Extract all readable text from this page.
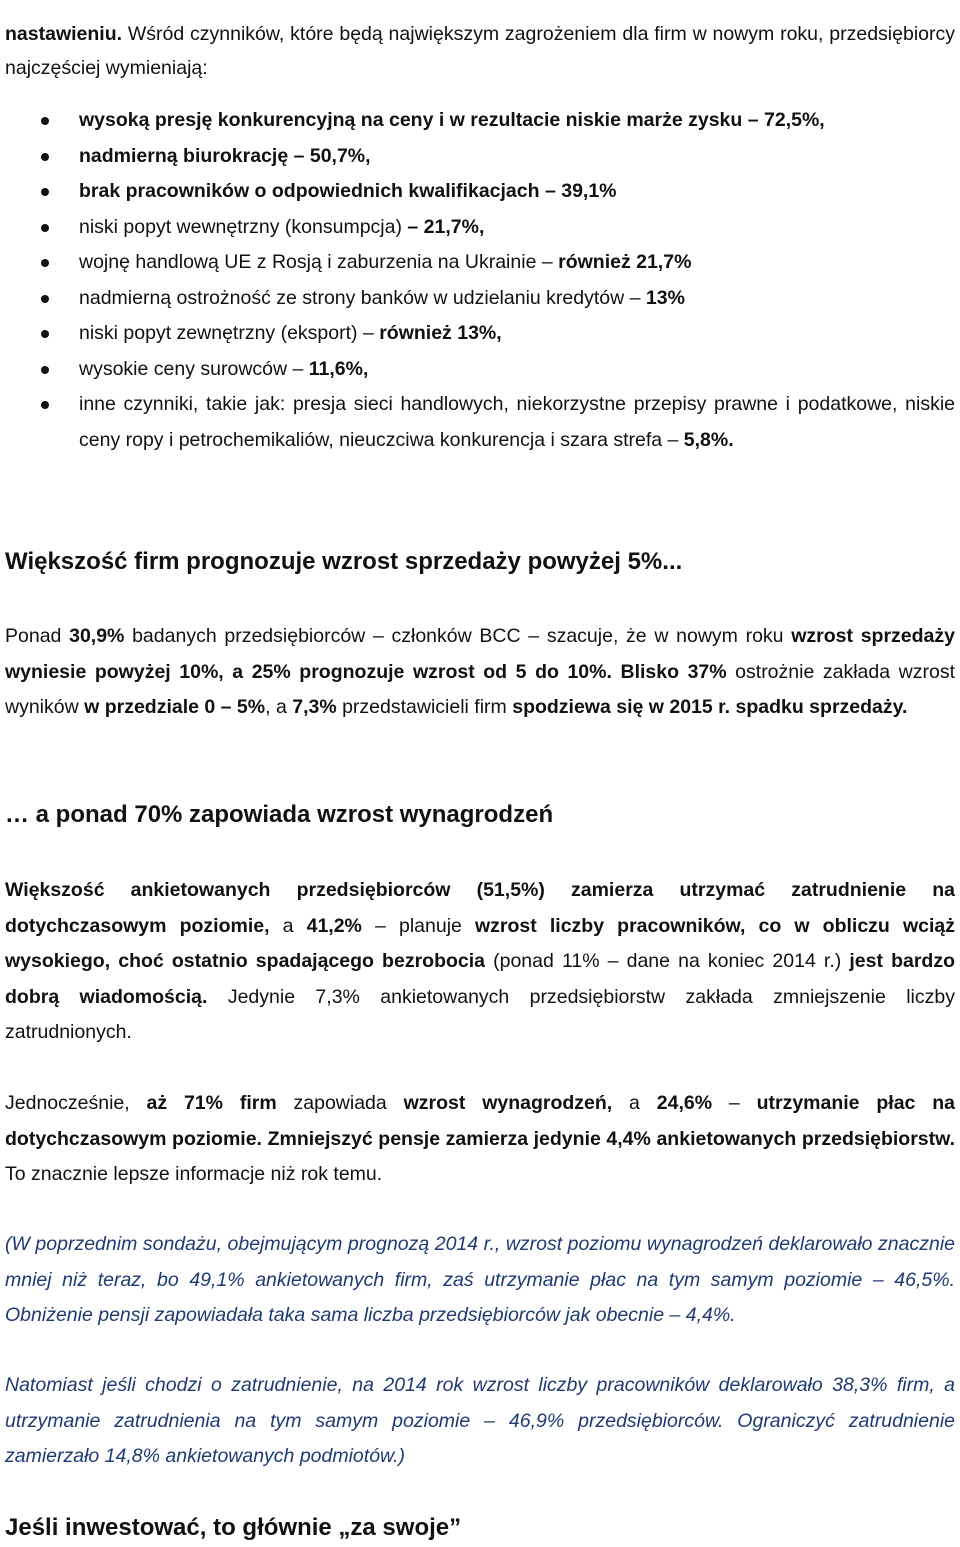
nastawieniu. Wśród czynników, które będą największym zagrożeniem dla firm w nowym roku, przedsiębiorcy najczęściej wymieniają:

wysoką presję konkurencyjną na ceny i w rezultacie niskie marże zysku – 72,5%,
nadmierną biurokrację – 50,7%,
brak pracowników o odpowiednich kwalifikacjach – 39,1%
niski popyt wewnętrzny (konsumpcja) – 21,7%,
wojnę handlową UE z Rosją i zaburzenia na Ukrainie – również 21,7%
nadmierną ostrożność ze strony banków w udzielaniu kredytów – 13%
niski popyt zewnętrzny (eksport) – również 13%,
wysokie ceny surowców – 11,6%,
inne czynniki, takie jak: presja sieci handlowych, niekorzystne przepisy prawne i podatkowe, niskie ceny ropy i petrochemikaliów, nieuczciwa konkurencja i szara strefa – 5,8%.
Większość firm prognozuje wzrost sprzedaży powyżej 5%...

Ponad 30,9% badanych przedsiębiorców – członków BCC – szacuje, że w nowym roku wzrost sprzedaży wyniesie powyżej 10%, a 25% prognozuje wzrost od 5 do 10%. Blisko 37% ostrożnie zakłada wzrost wyników w przedziale 0 – 5%, a 7,3% przedstawicieli firm spodziewa się w 2015 r. spadku sprzedaży.

… a ponad 70% zapowiada wzrost wynagrodzeń

Większość ankietowanych przedsiębiorców (51,5%) zamierza utrzymać zatrudnienie na dotychczasowym poziomie, a 41,2% – planuje wzrost liczby pracowników, co w obliczu wciąż wysokiego, choć ostatnio spadającego bezrobocia (ponad 11% – dane na koniec 2014 r.) jest bardzo dobrą wiadomością. Jedynie 7,3% ankietowanych przedsiębiorstw zakłada zmniejszenie liczby zatrudnionych.

Jednocześnie, aż 71% firm zapowiada wzrost wynagrodzeń, a 24,6% – utrzymanie płac na dotychczasowym poziomie. Zmniejszyć pensje zamierza jedynie 4,4% ankietowanych przedsiębiorstw. To znacznie lepsze informacje niż rok temu.

(W poprzednim sondażu, obejmującym prognozą 2014 r., wzrost poziomu wynagrodzeń deklarowało znacznie mniej niż teraz, bo 49,1% ankietowanych firm, zaś utrzymanie płac na tym samym poziomie – 46,5%. Obniżenie pensji zapowiadała taka sama liczba przedsiębiorców jak obecnie – 4,4%.

Natomiast jeśli chodzi o zatrudnienie, na 2014 rok wzrost liczby pracowników deklarowało 38,3% firm, a utrzymanie zatrudnienia na tym samym poziomie – 46,9% przedsiębiorców. Ograniczyć zatrudnienie zamierzało 14,8% ankietowanych podmiotów.)

Jeśli inwestować, to głównie „za swoje”
